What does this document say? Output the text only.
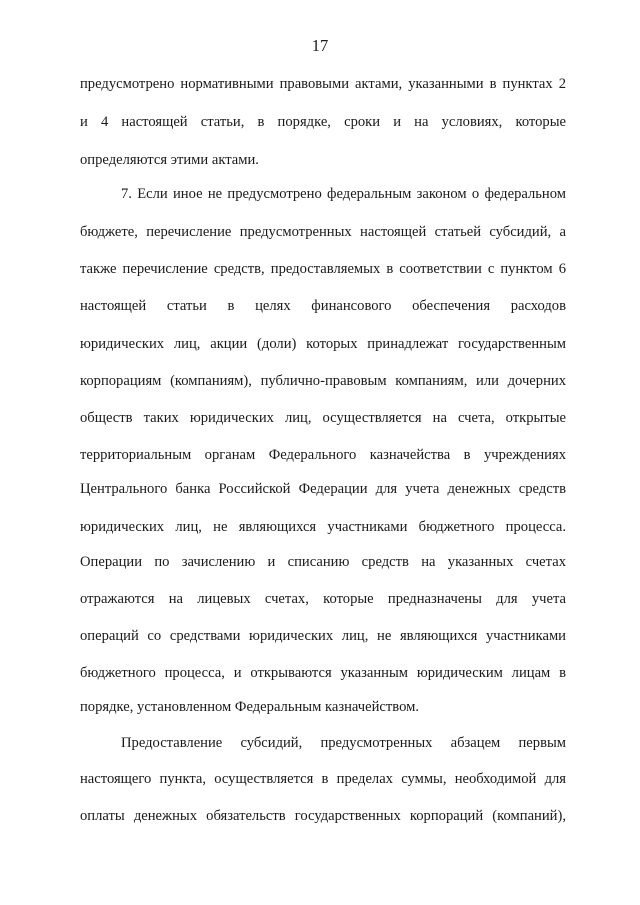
17
предусмотрено нормативными правовыми актами, указанными в пунктах 2
и 4 настоящей статьи, в порядке, сроки и на условиях, которые
определяются этими актами.
7. Если иное не предусмотрено федеральным законом о федеральном
бюджете, перечисление предусмотренных настоящей статьей субсидий, а
также перечисление средств, предоставляемых в соответствии с пунктом 6
настоящей статьи в целях финансового обеспечения расходов
юридических лиц, акции (доли) которых принадлежат государственным
корпорациям (компаниям), публично-правовым компаниям, или дочерних
обществ таких юридических лиц, осуществляется на счета, открытые
территориальным органам Федерального казначейства в учреждениях
Центрального банка Российской Федерации для учета денежных средств
юридических лиц, не являющихся участниками бюджетного процесса.
Операции по зачислению и списанию средств на указанных счетах
отражаются на лицевых счетах, которые предназначены для учета
операций со средствами юридических лиц, не являющихся участниками
бюджетного процесса, и открываются указанным юридическим лицам в
порядке, установленном Федеральным казначейством.
Предоставление субсидий, предусмотренных абзацем первым
настоящего пункта, осуществляется в пределах суммы, необходимой для
оплаты денежных обязательств государственных корпораций (компаний),
